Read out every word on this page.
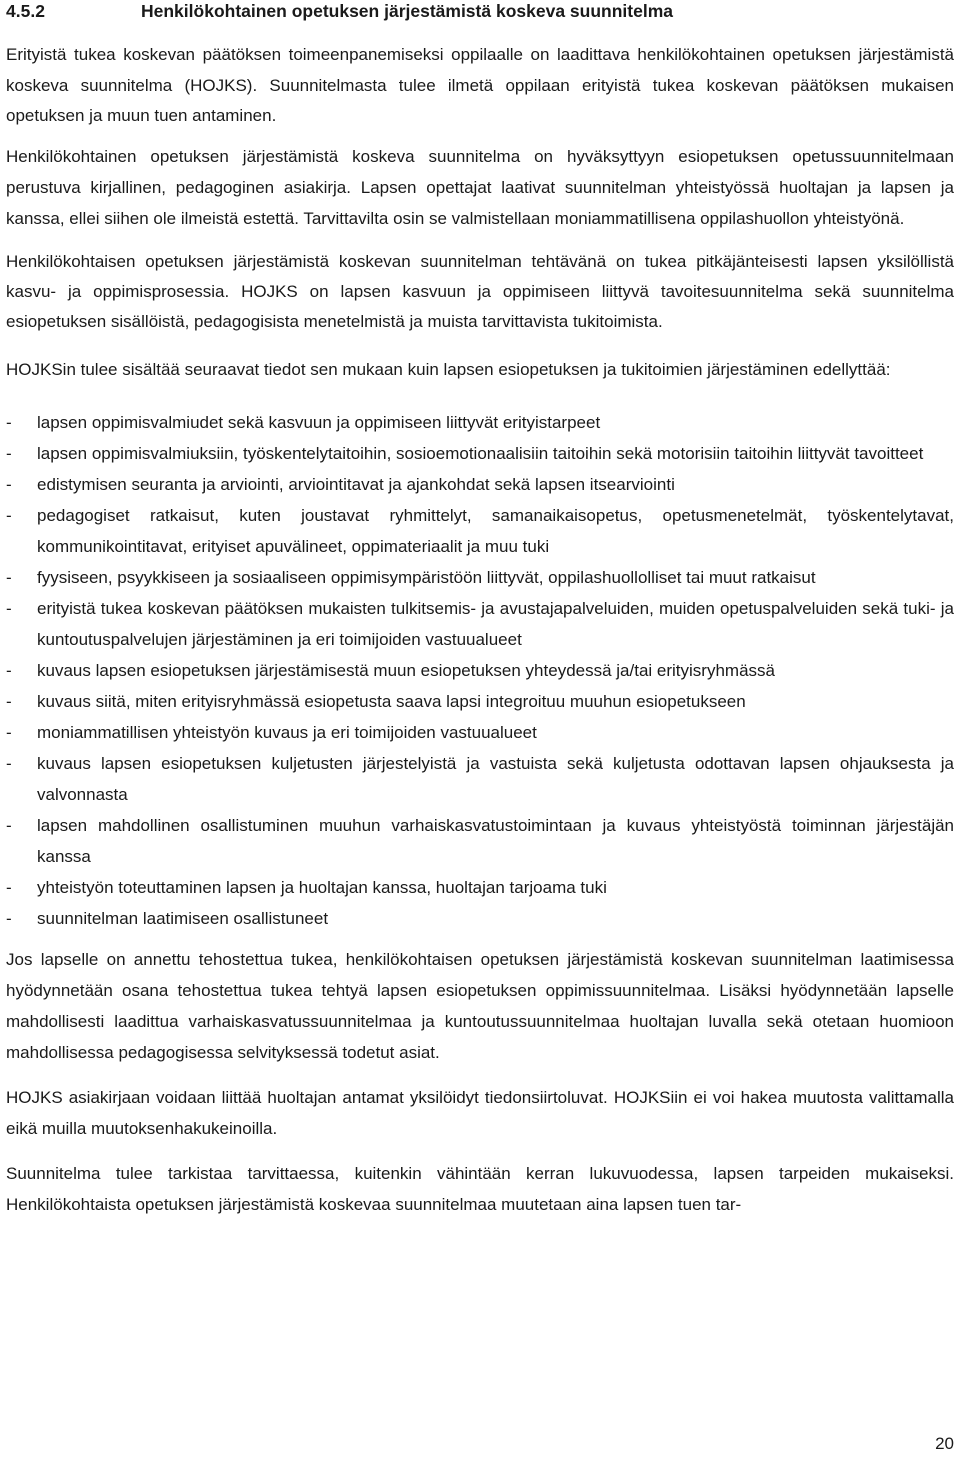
4.5.2	Henkilökohtainen opetuksen järjestämistä koskeva suunnitelma

Erityistä tukea koskevan päätöksen toimeenpanemiseksi oppilaalle on laadittava henkilökohtainen opetuksen järjestämistä koskeva suunnitelma (HOJKS). Suunnitelmasta tulee ilmetä oppilaan erityistä tukea koskevan päätöksen mukaisen opetuksen ja muun tuen antaminen.

Henkilökohtainen opetuksen järjestämistä koskeva suunnitelma on hyväksyttyyn esiopetuksen opetussuunnitelmaan perustuva kirjallinen, pedagoginen asiakirja. Lapsen opettajat laativat suunnitelman yhteistyössä huoltajan ja lapsen ja kanssa, ellei siihen ole ilmeistä estettä. Tarvittavilta osin se valmistellaan moniammatillisena oppilashuollon yhteistyönä.

Henkilökohtaisen opetuksen järjestämistä koskevan suunnitelman tehtävänä on tukea pitkäjänteisesti lapsen yksilöllistä kasvu- ja oppimisprosessia. HOJKS on lapsen kasvuun ja oppimiseen liittyvä tavoitesuunnitelma sekä suunnitelma esiopetuksen sisällöistä, pedagogisista menetelmistä ja muista tarvittavista tukitoimista.

HOJKSin tulee sisältää seuraavat tiedot sen mukaan kuin lapsen esiopetuksen ja tukitoimien järjestäminen edellyttää:

-	lapsen oppimisvalmiudet sekä kasvuun ja oppimiseen liittyvät erityistarpeet
-	lapsen oppimisvalmiuksiin, työskentelytaitoihin, sosioemotionaalisiin taitoihin sekä motorisiin taitoihin liittyvät tavoitteet
-	edistymisen seuranta ja arviointi, arviointitavat ja ajankohdat sekä lapsen itsearviointi
-	pedagogiset ratkaisut, kuten joustavat ryhmittelyt, samanaikaisopetus, opetusmenetelmät, työskentelytavat, kommunikointitavat, erityiset apuvälineet, oppimateriaalit ja muu tuki
-	fyysiseen, psyykkiseen ja sosiaaliseen oppimisympäristöön liittyvät, oppilashuollolliset tai muut ratkaisut
-	erityistä tukea koskevan päätöksen mukaisten tulkitsemis- ja avustajapalveluiden, muiden opetuspalveluiden sekä tuki- ja kuntoutuspalvelujen järjestäminen ja eri toimijoiden vastuualueet
-	kuvaus lapsen esiopetuksen järjestämisestä muun esiopetuksen yhteydessä ja/tai erityisryhmässä
-	kuvaus siitä, miten erityisryhmässä esiopetusta saava lapsi integroituu muuhun esiopetukseen
-	moniammatillisen yhteistyön kuvaus ja eri toimijoiden vastuualueet
-	kuvaus lapsen esiopetuksen kuljetusten järjestelyistä ja vastuista sekä kuljetusta odottavan lapsen ohjauksesta ja valvonnasta
-	lapsen mahdollinen osallistuminen muuhun varhaiskasvatustoimintaan ja kuvaus yhteistyöstä toiminnan järjestäjän kanssa
-	yhteistyön toteuttaminen lapsen ja huoltajan kanssa, huoltajan tarjoama tuki
-	suunnitelman laatimiseen osallistuneet

Jos lapselle on annettu tehostettua tukea, henkilökohtaisen opetuksen järjestämistä koskevan suunnitelman laatimisessa hyödynnetään osana tehostettua tukea tehtyä lapsen esiopetuksen oppimissuunnitelmaa. Lisäksi hyödynnetään lapselle mahdollisesti laadittua varhaiskasvatussuunnitelmaa ja kuntoutussuunnitelmaa huoltajan luvalla sekä otetaan huomioon mahdollisessa pedagogisessa selvityksessä todetut asiat.

HOJKS asiakirjaan voidaan liittää huoltajan antamat yksilöidyt tiedonsiirtoluvat. HOJKSiin ei voi hakea muutosta valittamalla eikä muilla muutoksenhakukeinoilla.

Suunnitelma tulee tarkistaa tarvittaessa, kuitenkin vähintään kerran lukuvuodessa, lapsen tarpeiden mukaiseksi. Henkilökohtaista opetuksen järjestämistä koskevaa suunnitelmaa muutetaan aina lapsen tuen tar-

20
